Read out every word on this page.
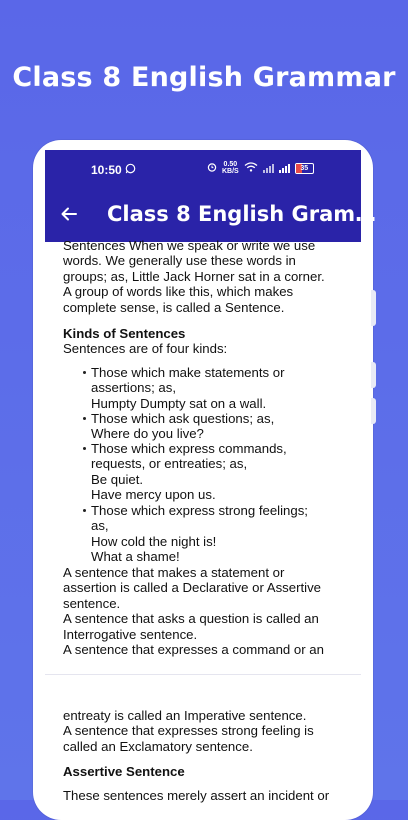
Class 8 English Grammar
10:50	0.50
KB/S	35
Class 8 English Gram…
Sentences When we speak or write we use
words. We generally use these words in
groups; as, Little Jack Horner sat in a corner.
A group of words like this, which makes
complete sense, is called a Sentence.
Kinds of Sentences
Sentences are of four kinds:
Those which make statements or
assertions; as,
Humpty Dumpty sat on a wall.
Those which ask questions; as,
Where do you live?
Those which express commands,
requests, or entreaties; as,
Be quiet.
Have mercy upon us.
Those which express strong feelings;
as,
How cold the night is!
What a shame!
A sentence that makes a statement or
assertion is called a Declarative or Assertive
sentence.
A sentence that asks a question is called an
Interrogative sentence.
A sentence that expresses a command or an
entreaty is called an Imperative sentence.
A sentence that expresses strong feeling is
called an Exclamatory sentence.
Assertive Sentence
These sentences merely assert an incident or
